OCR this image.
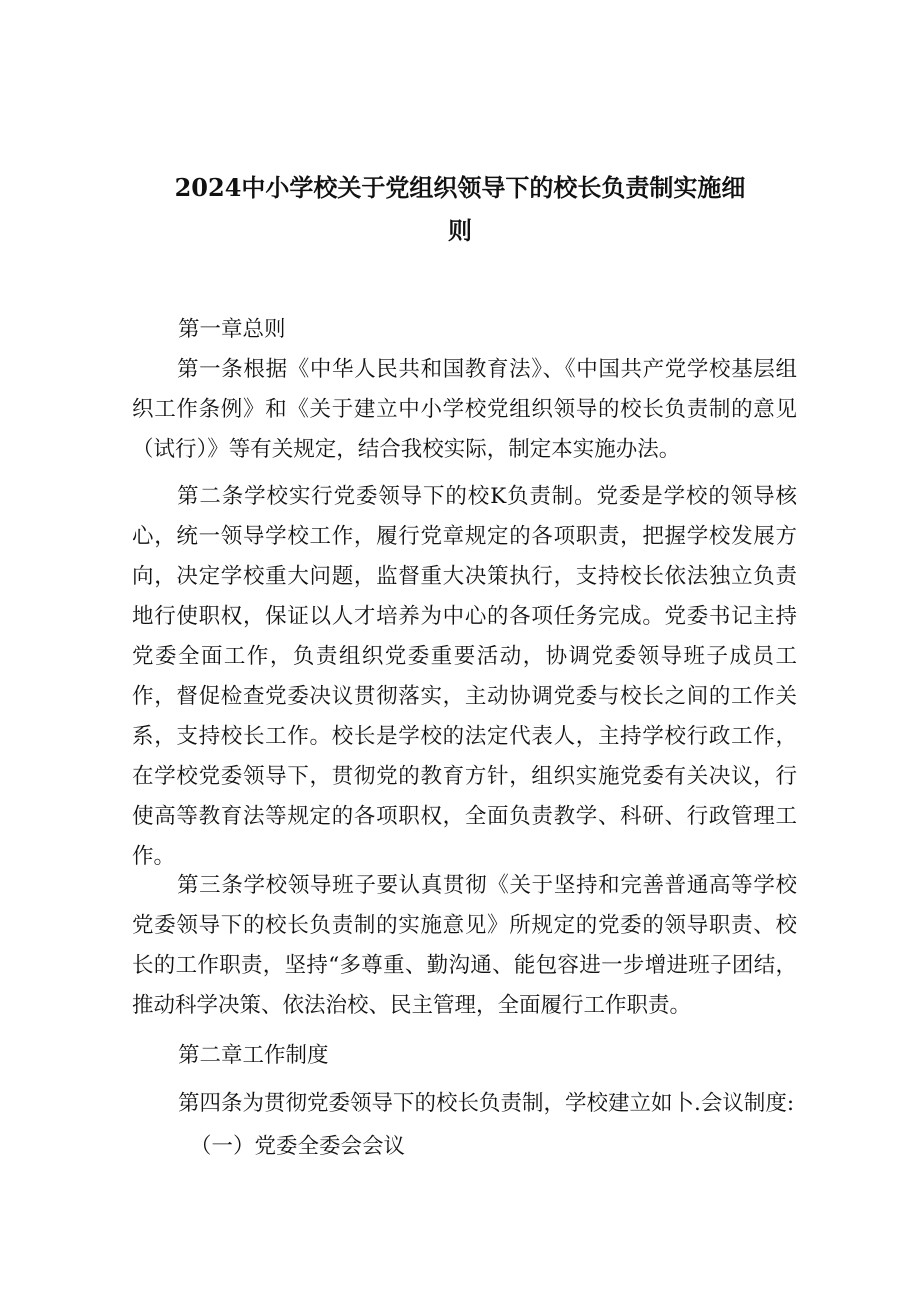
2024中小学校关于党组织领导下的校长负责制实施细
则
第一章总则

第一条根据《中华人民共和国教育法》、《中国共产党学校基层组织工作条例》和《关于建立中小学校党组织领导的校长负责制的意见（试行）》等有关规定，结合我校实际，制定本实施办法。

第二条学校实行党委领导下的校K负责制。党委是学校的领导核心，统一领导学校工作，履行党章规定的各项职责，把握学校发展方向，决定学校重大问题，监督重大决策执行，支持校长依法独立负责地行使职权，保证以人才培养为中心的各项任务完成。党委书记主持党委全面工作，负责组织党委重要活动，协调党委领导班子成员工作，督促检查党委决议贯彻落实，主动协调党委与校长之间的工作关系，支持校长工作。校长是学校的法定代表人，主持学校行政工作，在学校党委领导下，贯彻党的教育方针，组织实施党委有关决议，行使高等教育法等规定的各项职权，全面负责教学、科研、行政管理工作。

第三条学校领导班子要认真贯彻《关于坚持和完善普通高等学校党委领导下的校长负责制的实施意见》所规定的党委的领导职责、校长的工作职责，坚持“多尊重、勤沟通、能包容进一步增进班子团结，推动科学决策、依法治校、民主管理，全面履行工作职责。

第二章工作制度
第四条为贯彻党委领导下的校长负责制，学校建立如卜.会议制度:
（一）党委全委会会议
